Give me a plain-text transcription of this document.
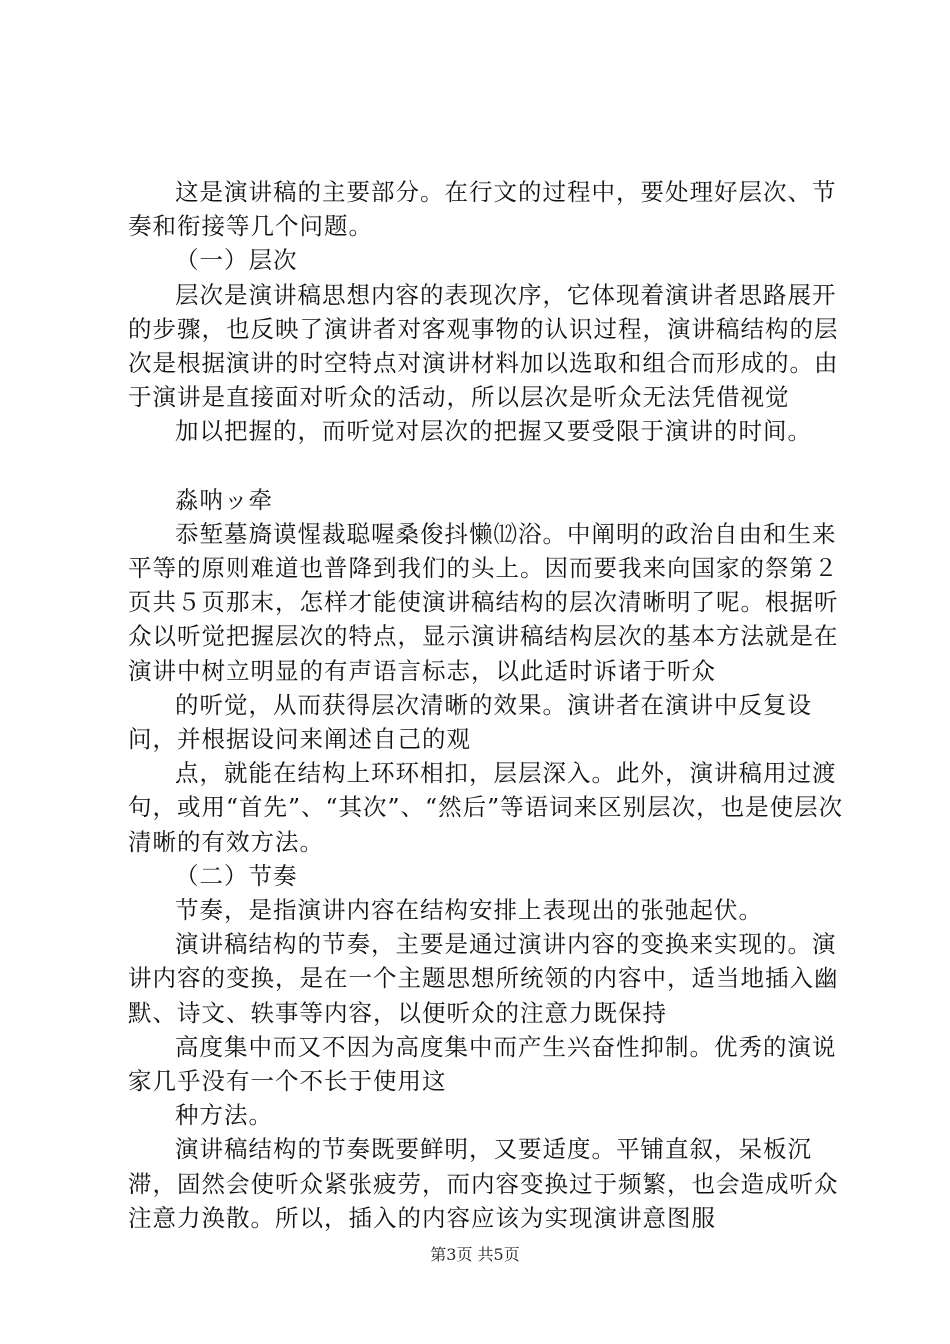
这是演讲稿的主要部分。在行文的过程中，要处理好层次、节奏和衔接等几个问题。

（一）层次

层次是演讲稿思想内容的表现次序，它体现着演讲者思路展开的步骤，也反映了演讲者对客观事物的认识过程，演讲稿结构的层次是根据演讲的时空特点对演讲材料加以选取和组合而形成的。由于演讲是直接面对听众的活动，所以层次是听众无法凭借视觉

加以把握的，而听觉对层次的把握又要受限于演讲的时间。

淼呐ッ牵

忝堑墓旖谟惺裁聪喔桑俊抖懒⑿浴。中阐明的政治自由和生来平等的原则难道也普降到我们的头上。因而要我来向国家的祭第２页共５页那末，怎样才能使演讲稿结构的层次清晰明了呢。根据听众以听觉把握层次的特点，显示演讲稿结构层次的基本方法就是在演讲中树立明显的有声语言标志，以此适时诉诸于听众

的听觉，从而获得层次清晰的效果。演讲者在演讲中反复设问，并根据设问来阐述自己的观

点，就能在结构上环环相扣，层层深入。此外，演讲稿用过渡句，或用“首先”、“其次”、“然后”等语词来区别层次，也是使层次清晰的有效方法。

（二）节奏

节奏，是指演讲内容在结构安排上表现出的张弛起伏。

演讲稿结构的节奏，主要是通过演讲内容的变换来实现的。演讲内容的变换，是在一个主题思想所统领的内容中，适当地插入幽默、诗文、轶事等内容，以便听众的注意力既保持

高度集中而又不因为高度集中而产生兴奋性抑制。优秀的演说家几乎没有一个不长于使用这

种方法。

演讲稿结构的节奏既要鲜明，又要适度。平铺直叙，呆板沉滞，固然会使听众紧张疲劳，而内容变换过于频繁，也会造成听众注意力涣散。所以，插入的内容应该为实现演讲意图服

第3页 共5页
